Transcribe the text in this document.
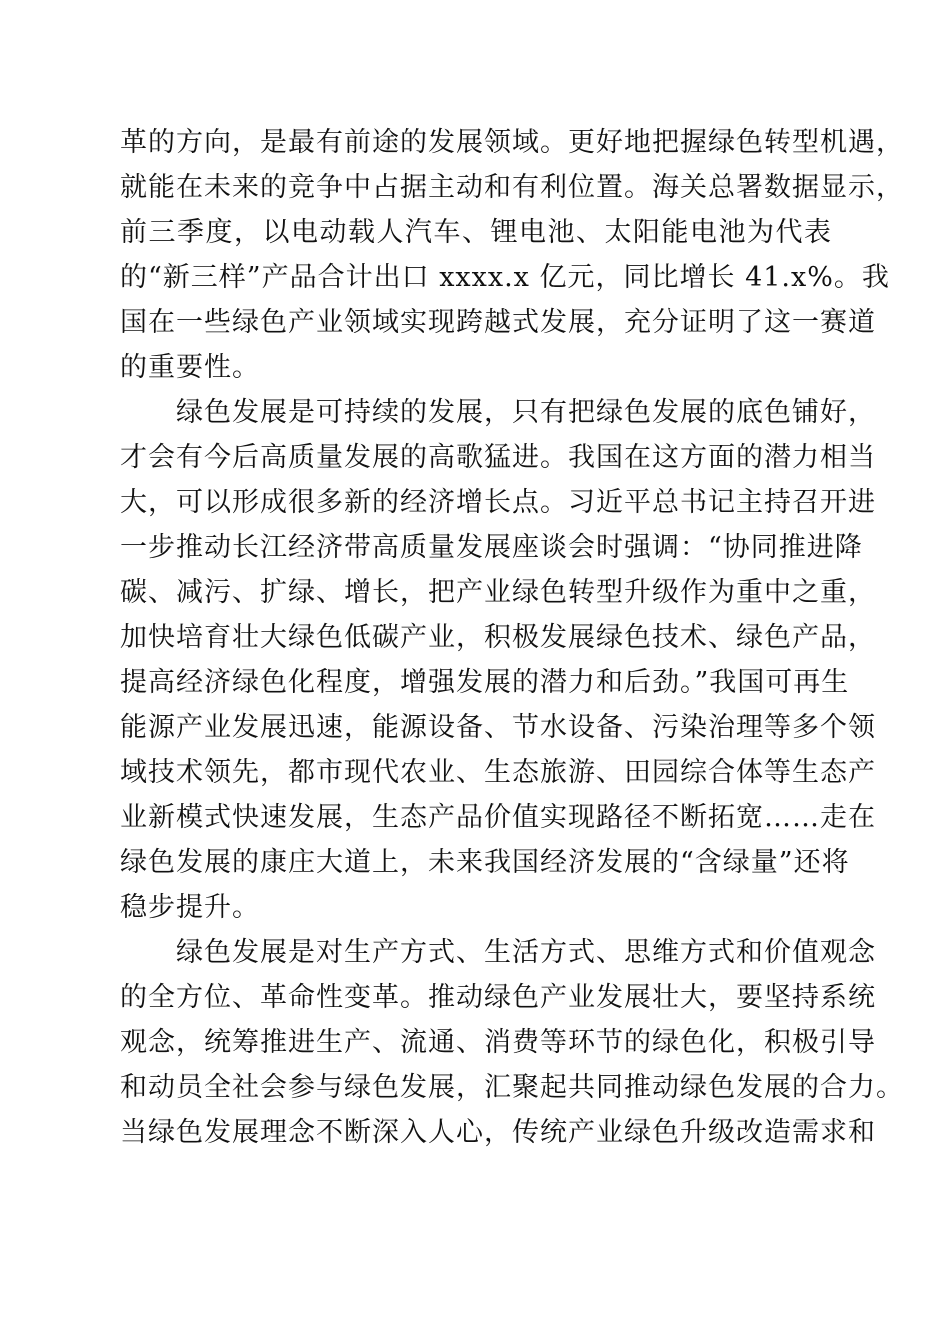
革的方向，是最有前途的发展领域。更好地把握绿色转型机遇，
就能在未来的竞争中占据主动和有利位置。海关总署数据显示，
前三季度，以电动载人汽车、锂电池、太阳能电池为代表
的“新三样”产品合计出口 xxxx.x 亿元，同比增长 41.x%。我
国在一些绿色产业领域实现跨越式发展，充分证明了这一赛道
的重要性。
　　绿色发展是可持续的发展，只有把绿色发展的底色铺好，
才会有今后高质量发展的高歌猛进。我国在这方面的潜力相当
大，可以形成很多新的经济增长点。习近平总书记主持召开进
一步推动长江经济带高质量发展座谈会时强调：“协同推进降
碳、减污、扩绿、增长，把产业绿色转型升级作为重中之重，
加快培育壮大绿色低碳产业，积极发展绿色技术、绿色产品，
提高经济绿色化程度，增强发展的潜力和后劲。”我国可再生
能源产业发展迅速，能源设备、节水设备、污染治理等多个领
域技术领先，都市现代农业、生态旅游、田园综合体等生态产
业新模式快速发展，生态产品价值实现路径不断拓宽……走在
绿色发展的康庄大道上，未来我国经济发展的“含绿量”还将
稳步提升。
　　绿色发展是对生产方式、生活方式、思维方式和价值观念
的全方位、革命性变革。推动绿色产业发展壮大，要坚持系统
观念，统筹推进生产、流通、消费等环节的绿色化，积极引导
和动员全社会参与绿色发展，汇聚起共同推动绿色发展的合力。
当绿色发展理念不断深入人心，传统产业绿色升级改造需求和
